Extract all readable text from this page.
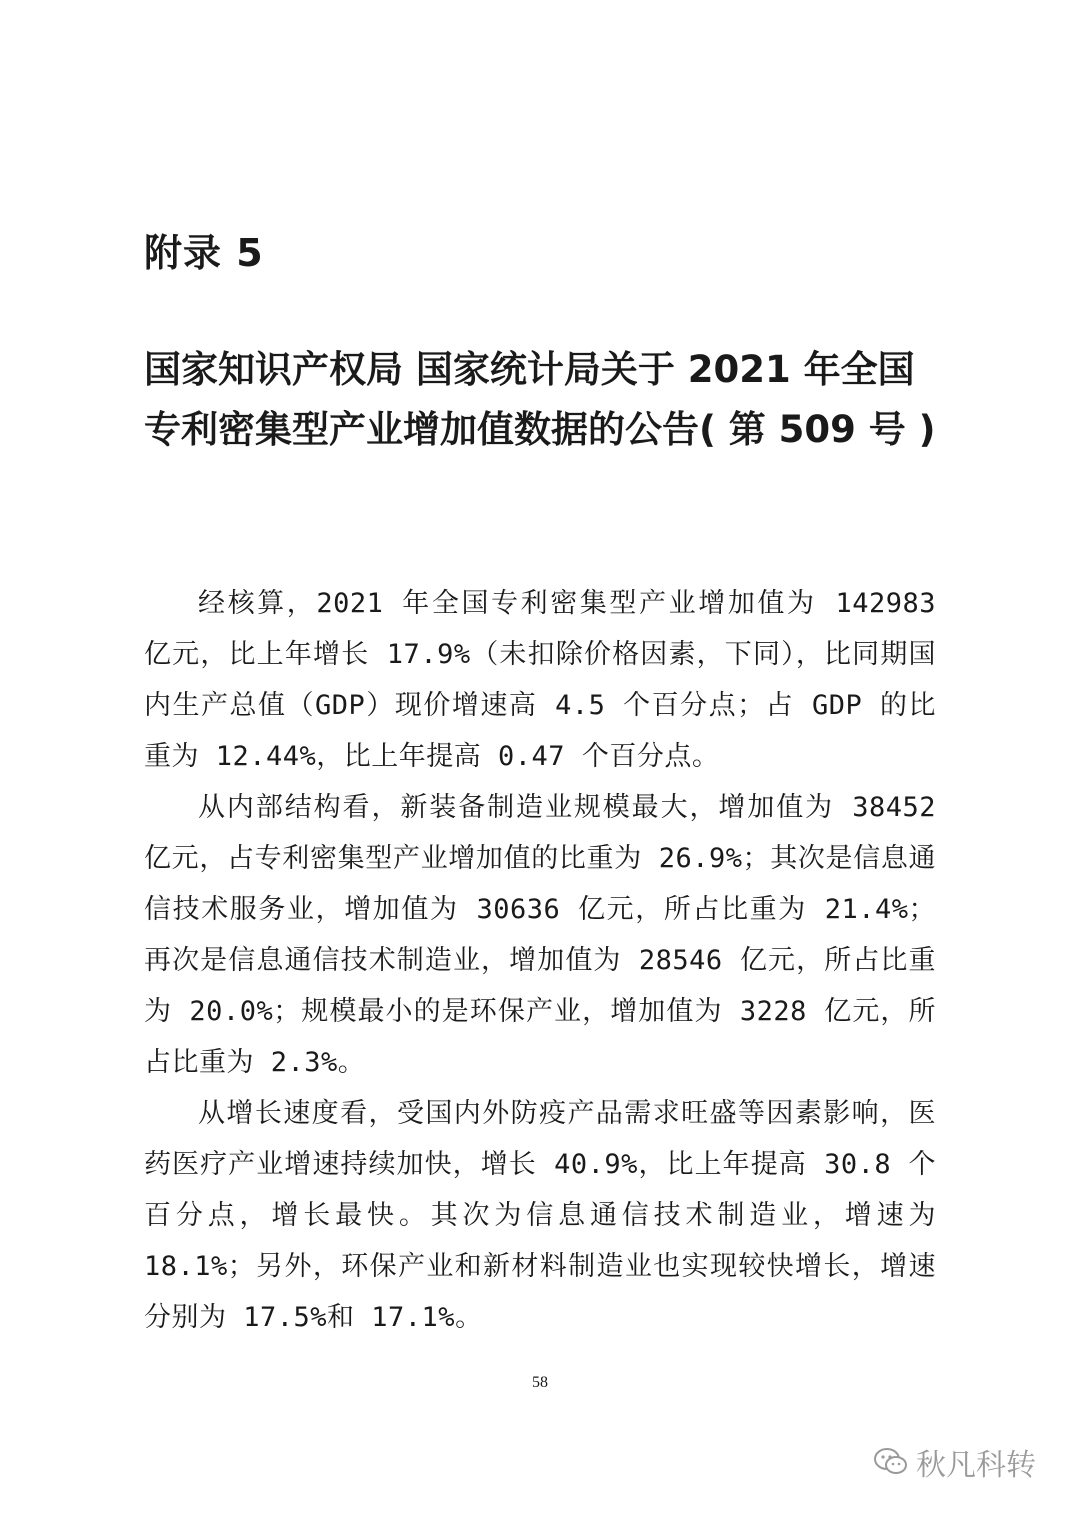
附录 5
国家知识产权局 国家统计局关于 2021 年全国
专利密集型产业增加值数据的公告( 第 509 号 )

经核算，2021 年全国专利密集型产业增加值为 142983 亿元，比上年增长 17.9%（未扣除价格因素，下同），比同期国内生产总值（GDP）现价增速高 4.5 个百分点；占 GDP 的比重为 12.44%，比上年提高 0.47 个百分点。

从内部结构看，新装备制造业规模最大，增加值为 38452 亿元，占专利密集型产业增加值的比重为 26.9%；其次是信息通信技术服务业，增加值为 30636 亿元，所占比重为 21.4%；再次是信息通信技术制造业，增加值为 28546 亿元，所占比重为 20.0%；规模最小的是环保产业，增加值为 3228 亿元，所占比重为 2.3%。

从增长速度看，受国内外防疫产品需求旺盛等因素影响，医药医疗产业增速持续加快，增长 40.9%，比上年提高 30.8 个百分点，增长最快。其次为信息通信技术制造业，增速为 18.1%；另外，环保产业和新材料制造业也实现较快增长，增速分别为 17.5%和 17.1%。

58
秋凡科转
